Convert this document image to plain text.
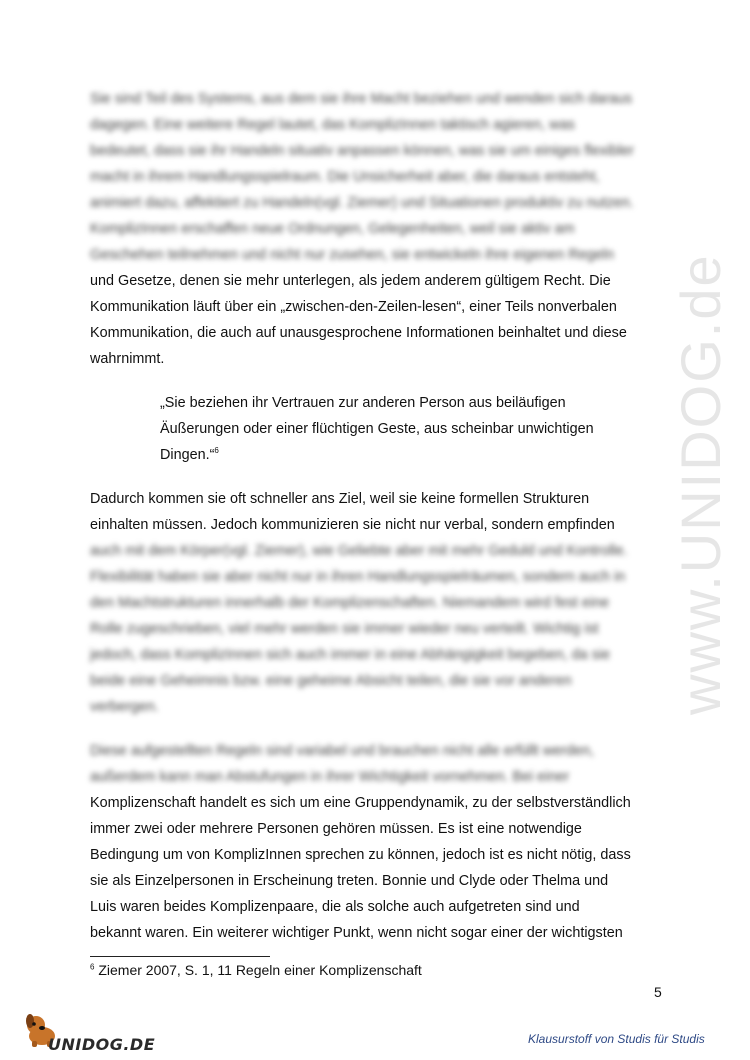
www.UNIDOG.de
Sie sind Teil des Systems, aus dem sie ihre Macht beziehen und wenden sich daraus
dagegen. Eine weitere Regel lautet, das KomplizInnen taktisch agieren, was
bedeutet, dass sie ihr Handeln situativ anpassen können, was sie um einiges flexibler
macht in ihrem Handlungsspielraum. Die Unsicherheit aber, die daraus entsteht,
animiert dazu, affektiert zu Handeln(vgl. Ziemer) und Situationen produktiv zu nutzen.
KomplizInnen erschaffen neue Ordnungen, Gelegenheiten, weil sie aktiv am
Geschehen teilnehmen und nicht nur zusehen, sie entwickeln ihre eigenen Regeln
und Gesetze, denen sie mehr unterlegen, als jedem anderem gültigem Recht. Die
Kommunikation läuft über ein „zwischen-den-Zeilen-lesen“, einer Teils nonverbalen
Kommunikation, die auch auf unausgesprochene Informationen beinhaltet und diese
wahrnimmt.
„Sie beziehen ihr Vertrauen zur anderen Person aus beiläufigen
Äußerungen oder einer flüchtigen Geste, aus scheinbar unwichtigen
Dingen.“$^6$
Dadurch kommen sie oft schneller ans Ziel, weil sie keine formellen Strukturen
einhalten müssen. Jedoch kommunizieren sie nicht nur verbal, sondern empfinden
auch mit dem Körper(vgl. Ziemer), wie Geliebte aber mit mehr Geduld und Kontrolle.
Flexibilität haben sie aber nicht nur in ihren Handlungsspielräumen, sondern auch in
den Machtstrukturen innerhalb der Komplizenschaften. Niemandem wird fest eine
Rolle zugeschrieben, viel mehr werden sie immer wieder neu verteilt. Wichtig ist
jedoch, dass KomplizInnen sich auch immer in eine Abhängigkeit begeben, da sie
beide eine Geheimnis bzw. eine geheime Absicht teilen, die sie vor anderen
verbergen.
Diese aufgestellten Regeln sind variabel und brauchen nicht alle erfüllt werden,
außerdem kann man Abstufungen in ihrer Wichtigkeit vornehmen. Bei einer
Komplizenschaft handelt es sich um eine Gruppendynamik, zu der selbstverständlich
immer zwei oder mehrere Personen gehören müssen. Es ist eine notwendige
Bedingung um von KomplizInnen sprechen zu können, jedoch ist es nicht nötig, dass
sie als Einzelpersonen in Erscheinung treten. Bonnie und Clyde oder Thelma und
Luis waren beides Komplizenpaare, die als solche auch aufgetreten sind und
bekannt waren. Ein weiterer wichtiger Punkt, wenn nicht sogar einer der wichtigsten
$^6$ Ziemer 2007, S. 1, 11 Regeln einer Komplizenschaft
5
UNIDOG.DE	Klausurstoff von Studis für Studis
